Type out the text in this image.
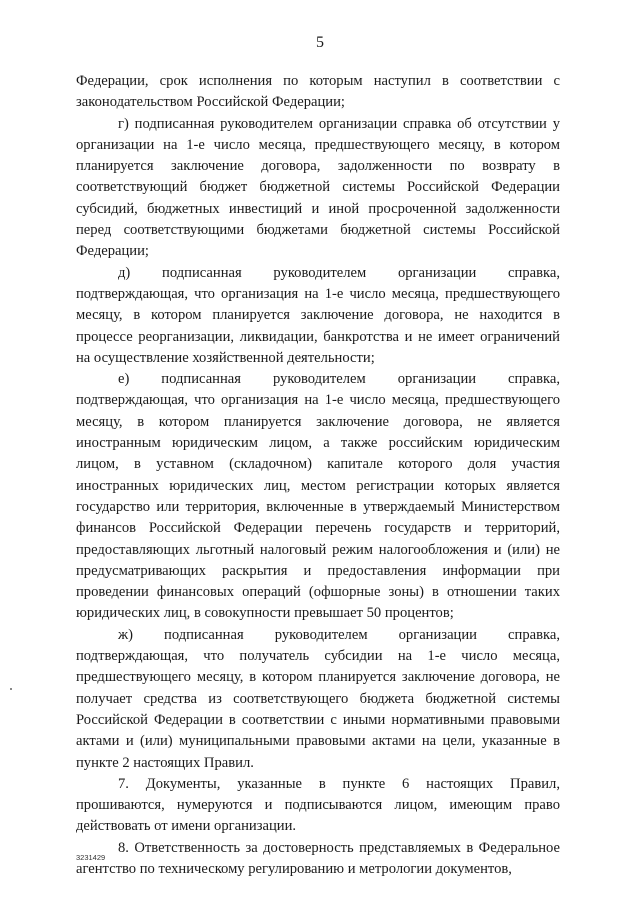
5

Федерации, срок исполнения по которым наступил в соответствии с законодательством Российской Федерации;

г) подписанная руководителем организации справка об отсутствии у организации на 1-е число месяца, предшествующего месяцу, в котором планируется заключение договора, задолженности по возврату в соответствующий бюджет бюджетной системы Российской Федерации субсидий, бюджетных инвестиций и иной просроченной задолженности перед соответствующими бюджетами бюджетной системы Российской Федерации;

д) подписанная руководителем организации справка, подтверждающая, что организация на 1-е число месяца, предшествующего месяцу, в котором планируется заключение договора, не находится в процессе реорганизации, ликвидации, банкротства и не имеет ограничений на осуществление хозяйственной деятельности;

е) подписанная руководителем организации справка, подтверждающая, что организация на 1-е число месяца, предшествующего месяцу, в котором планируется заключение договора, не является иностранным юридическим лицом, а также российским юридическим лицом, в уставном (складочном) капитале которого доля участия иностранных юридических лиц, местом регистрации которых является государство или территория, включенные в утверждаемый Министерством финансов Российской Федерации перечень государств и территорий, предоставляющих льготный налоговый режим налогообложения и (или) не предусматривающих раскрытия и предоставления информации при проведении финансовых операций (офшорные зоны) в отношении таких юридических лиц, в совокупности превышает 50 процентов;

ж) подписанная руководителем организации справка, подтверждающая, что получатель субсидии на 1-е число месяца, предшествующего месяцу, в котором планируется заключение договора, не получает средства из соответствующего бюджета бюджетной системы Российской Федерации в соответствии с иными нормативными правовыми актами и (или) муниципальными правовыми актами на цели, указанные в пункте 2 настоящих Правил.

7. Документы, указанные в пункте 6 настоящих Правил, прошиваются, нумеруются и подписываются лицом, имеющим право действовать от имени организации.

8. Ответственность за достоверность представляемых в Федеральное агентство по техническому регулированию и метрологии документов,

3231429
